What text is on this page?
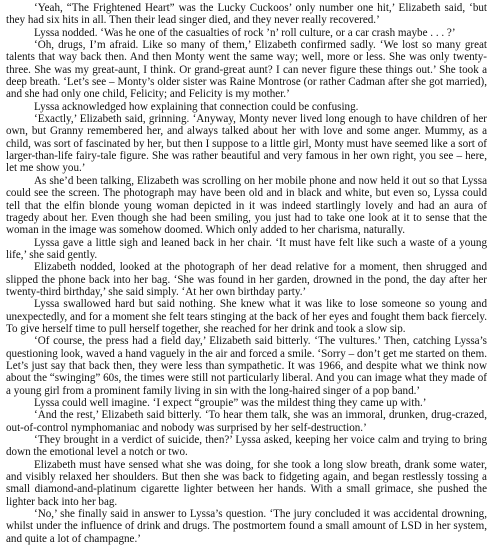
‘Yeah, “The Frightened Heart” was the Lucky Cuckoos’ only number one hit,’ Elizabeth said, ‘but they had six hits in all. Then their lead singer died, and they never really recovered.’

Lyssa nodded. ‘Was he one of the casualties of rock ’n’ roll culture, or a car crash maybe . . . ?’

‘Oh, drugs, I’m afraid. Like so many of them,’ Elizabeth confirmed sadly. ‘We lost so many great talents that way back then. And then Monty went the same way; well, more or less. She was only twenty-three. She was my great-aunt, I think. Or grand-great aunt? I can never figure these things out.’ She took a deep breath. ‘Let’s see – Monty’s older sister was Raine Montrose (or rather Cadman after she got married), and she had only one child, Felicity; and Felicity is my mother.’

Lyssa acknowledged how explaining that connection could be confusing.

‘Exactly,’ Elizabeth said, grinning. ‘Anyway, Monty never lived long enough to have children of her own, but Granny remembered her, and always talked about her with love and some anger. Mummy, as a child, was sort of fascinated by her, but then I suppose to a little girl, Monty must have seemed like a sort of larger-than-life fairy-tale figure. She was rather beautiful and very famous in her own right, you see – here, let me show you.’

As she’d been talking, Elizabeth was scrolling on her mobile phone and now held it out so that Lyssa could see the screen. The photograph may have been old and in black and white, but even so, Lyssa could tell that the elfin blonde young woman depicted in it was indeed startlingly lovely and had an aura of tragedy about her. Even though she had been smiling, you just had to take one look at it to sense that the woman in the image was somehow doomed. Which only added to her charisma, naturally.

Lyssa gave a little sigh and leaned back in her chair. ‘It must have felt like such a waste of a young life,’ she said gently.

Elizabeth nodded, looked at the photograph of her dead relative for a moment, then shrugged and slipped the phone back into her bag. ‘She was found in her garden, drowned in the pond, the day after her twenty-third birthday,’ she said simply. ‘At her own birthday party.’

Lyssa swallowed hard but said nothing. She knew what it was like to lose someone so young and unexpectedly, and for a moment she felt tears stinging at the back of her eyes and fought them back fiercely. To give herself time to pull herself together, she reached for her drink and took a slow sip.

‘Of course, the press had a field day,’ Elizabeth said bitterly. ‘The vultures.’ Then, catching Lyssa’s questioning look, waved a hand vaguely in the air and forced a smile. ‘Sorry – don’t get me started on them. Let’s just say that back then, they were less than sympathetic. It was 1966, and despite what we think now about the “swinging” 60s, the times were still not particularly liberal. And you can image what they made of a young girl from a prominent family living in sin with the long-haired singer of a pop band.’

Lyssa could well imagine. ‘I expect “groupie” was the mildest thing they came up with.’

‘And the rest,’ Elizabeth said bitterly. ‘To hear them talk, she was an immoral, drunken, drug-crazed, out-of-control nymphomaniac and nobody was surprised by her self-destruction.’

‘They brought in a verdict of suicide, then?’ Lyssa asked, keeping her voice calm and trying to bring down the emotional level a notch or two.

Elizabeth must have sensed what she was doing, for she took a long slow breath, drank some water, and visibly relaxed her shoulders. But then she was back to fidgeting again, and began restlessly tossing a small diamond-and-platinum cigarette lighter between her hands. With a small grimace, she pushed the lighter back into her bag.

‘No,’ she finally said in answer to Lyssa’s question. ‘The jury concluded it was accidental drowning, whilst under the influence of drink and drugs. The postmortem found a small amount of LSD in her system, and quite a lot of champagne.’
